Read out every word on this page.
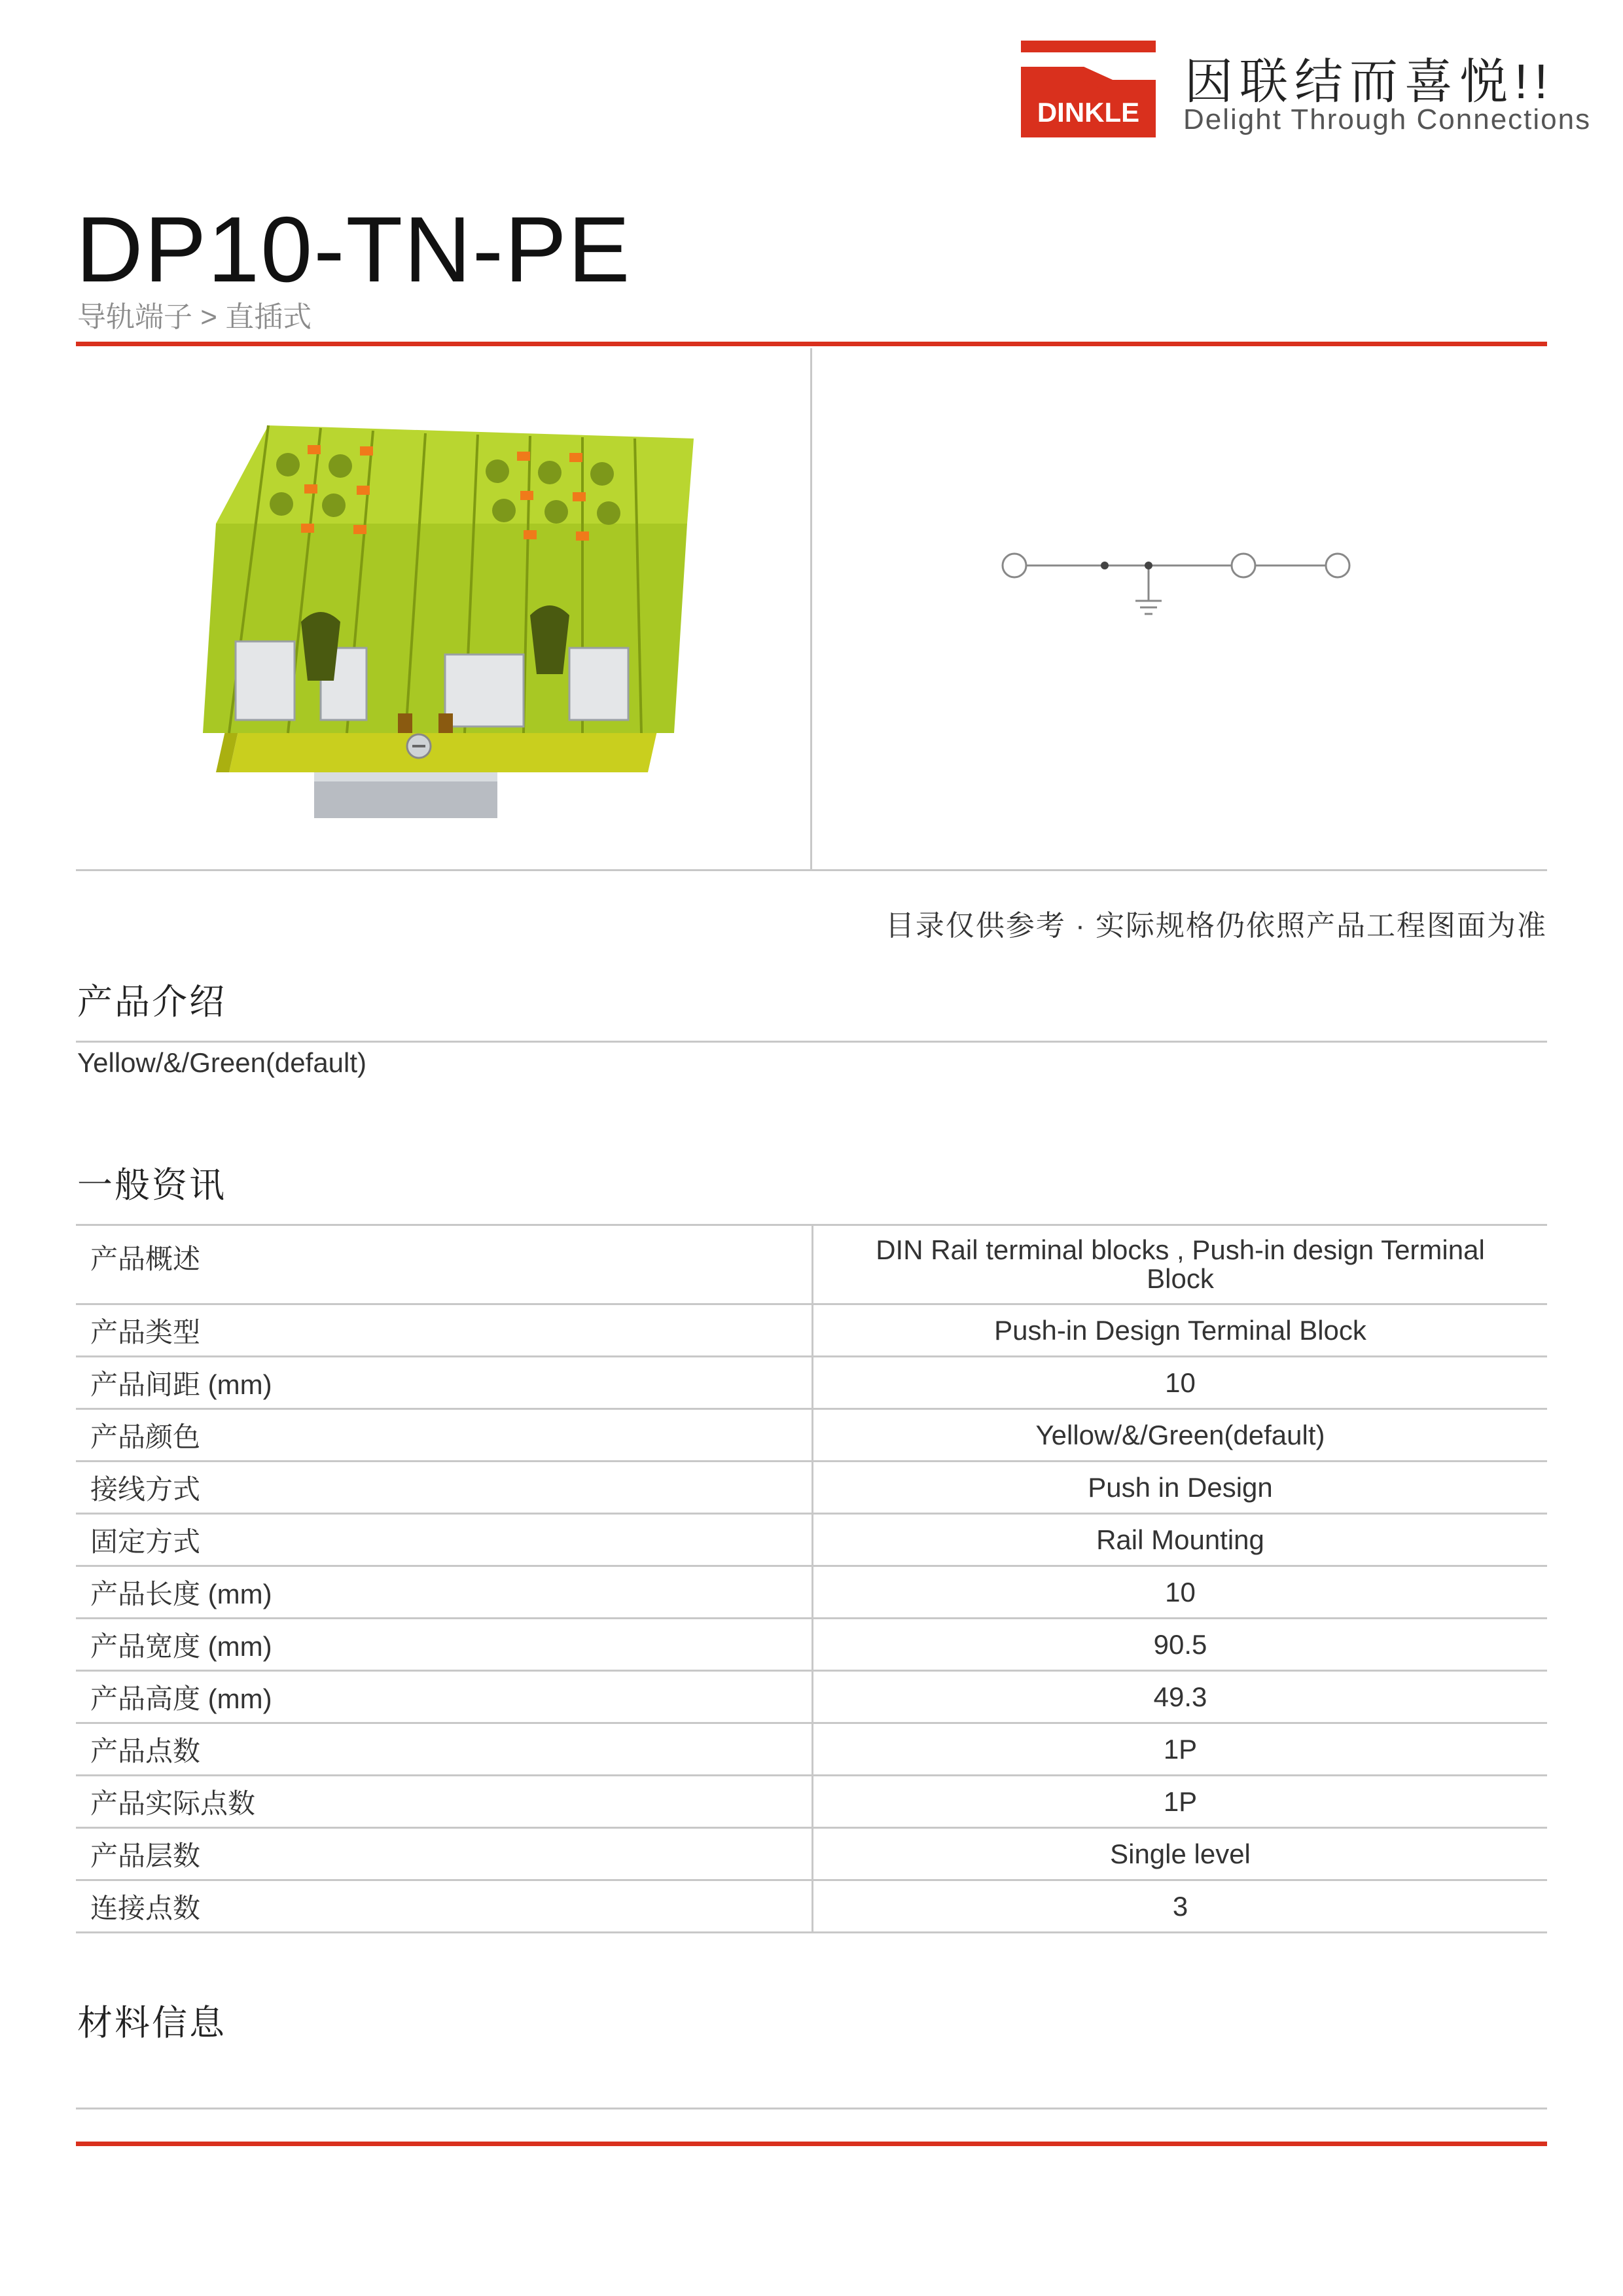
DINKLE
因联结而喜悦!!
Delight Through Connections
DP10-TN-PE
导轨端子 > 直插式
目录仅供参考 · 实际规格仍依照产品工程图面为准
产品介绍
Yellow/&/Green(default)
一般资讯
产品概述	DIN Rail terminal blocks , Push-in design Terminal Block
产品类型	Push-in Design Terminal Block
产品间距 (mm)	10
产品颜色	Yellow/&/Green(default)
接线方式	Push in Design
固定方式	Rail Mounting
产品长度 (mm)	10
产品宽度 (mm)	90.5
产品高度 (mm)	49.3
产品点数	1P
产品实际点数	1P
产品层数	Single level
连接点数	3
材料信息
